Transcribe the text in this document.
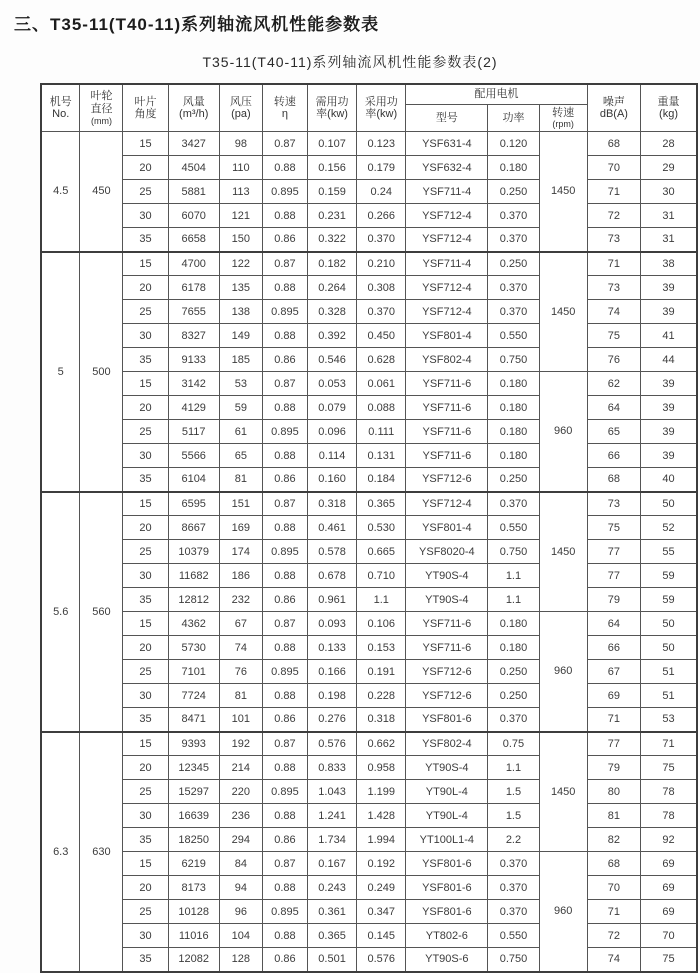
三、T35-11(T40-11)系列轴流风机性能参数表
T35-11(T40-11)系列轴流风机性能参数表(2)
机号
No.	叶轮
直径
(mm)	叶片
角度	风量
(m³/h)	风压
(pa)	转速
η	需用功
率(kw)	采用功
率(kw)	配用电机			噪声
dB(A)	重量
(kg)

								型号	功率	转速
(rpm)		

4.5	450	15	3427	98	0.87	0.107	0.123	YSF631-4	0.120	1450	68	28
		20	4504	110	0.88	0.156	0.179	YSF632-4	0.180		70	29
		25	5881	113	0.895	0.159	0.24	YSF711-4	0.250		71	30
		30	6070	121	0.88	0.231	0.266	YSF712-4	0.370		72	31
		35	6658	150	0.86	0.322	0.370	YSF712-4	0.370		73	31
5	500	15	4700	122	0.87	0.182	0.210	YSF711-4	0.250	1450	71	38
		20	6178	135	0.88	0.264	0.308	YSF712-4	0.370		73	39
		25	7655	138	0.895	0.328	0.370	YSF712-4	0.370		74	39
		30	8327	149	0.88	0.392	0.450	YSF801-4	0.550		75	41
		35	9133	185	0.86	0.546	0.628	YSF802-4	0.750		76	44
		15	3142	53	0.87	0.053	0.061	YSF711-6	0.180	960	62	39
		20	4129	59	0.88	0.079	0.088	YSF711-6	0.180		64	39
		25	5117	61	0.895	0.096	0.111	YSF711-6	0.180		65	39
		30	5566	65	0.88	0.114	0.131	YSF711-6	0.180		66	39
		35	6104	81	0.86	0.160	0.184	YSF712-6	0.250		68	40
5.6	560	15	6595	151	0.87	0.318	0.365	YSF712-4	0.370	1450	73	50
		20	8667	169	0.88	0.461	0.530	YSF801-4	0.550		75	52
		25	10379	174	0.895	0.578	0.665	YSF8020-4	0.750		77	55
		30	11682	186	0.88	0.678	0.710	YT90S-4	1.1		77	59
		35	12812	232	0.86	0.961	1.1	YT90S-4	1.1		79	59
		15	4362	67	0.87	0.093	0.106	YSF711-6	0.180	960	64	50
		20	5730	74	0.88	0.133	0.153	YSF711-6	0.180		66	50
		25	7101	76	0.895	0.166	0.191	YSF712-6	0.250		67	51
		30	7724	81	0.88	0.198	0.228	YSF712-6	0.250		69	51
		35	8471	101	0.86	0.276	0.318	YSF801-6	0.370		71	53
6.3	630	15	9393	192	0.87	0.576	0.662	YSF802-4	0.75	1450	77	71
		20	12345	214	0.88	0.833	0.958	YT90S-4	1.1		79	75
		25	15297	220	0.895	1.043	1.199	YT90L-4	1.5		80	78
		30	16639	236	0.88	1.241	1.428	YT90L-4	1.5		81	78
		35	18250	294	0.86	1.734	1.994	YT100L1-4	2.2		82	92
		15	6219	84	0.87	0.167	0.192	YSF801-6	0.370	960	68	69
		20	8173	94	0.88	0.243	0.249	YSF801-6	0.370		70	69
		25	10128	96	0.895	0.361	0.347	YSF801-6	0.370		71	69
		30	11016	104	0.88	0.365	0.145	YT802-6	0.550		72	70
		35	12082	128	0.86	0.501	0.576	YT90S-6	0.750		74	75
